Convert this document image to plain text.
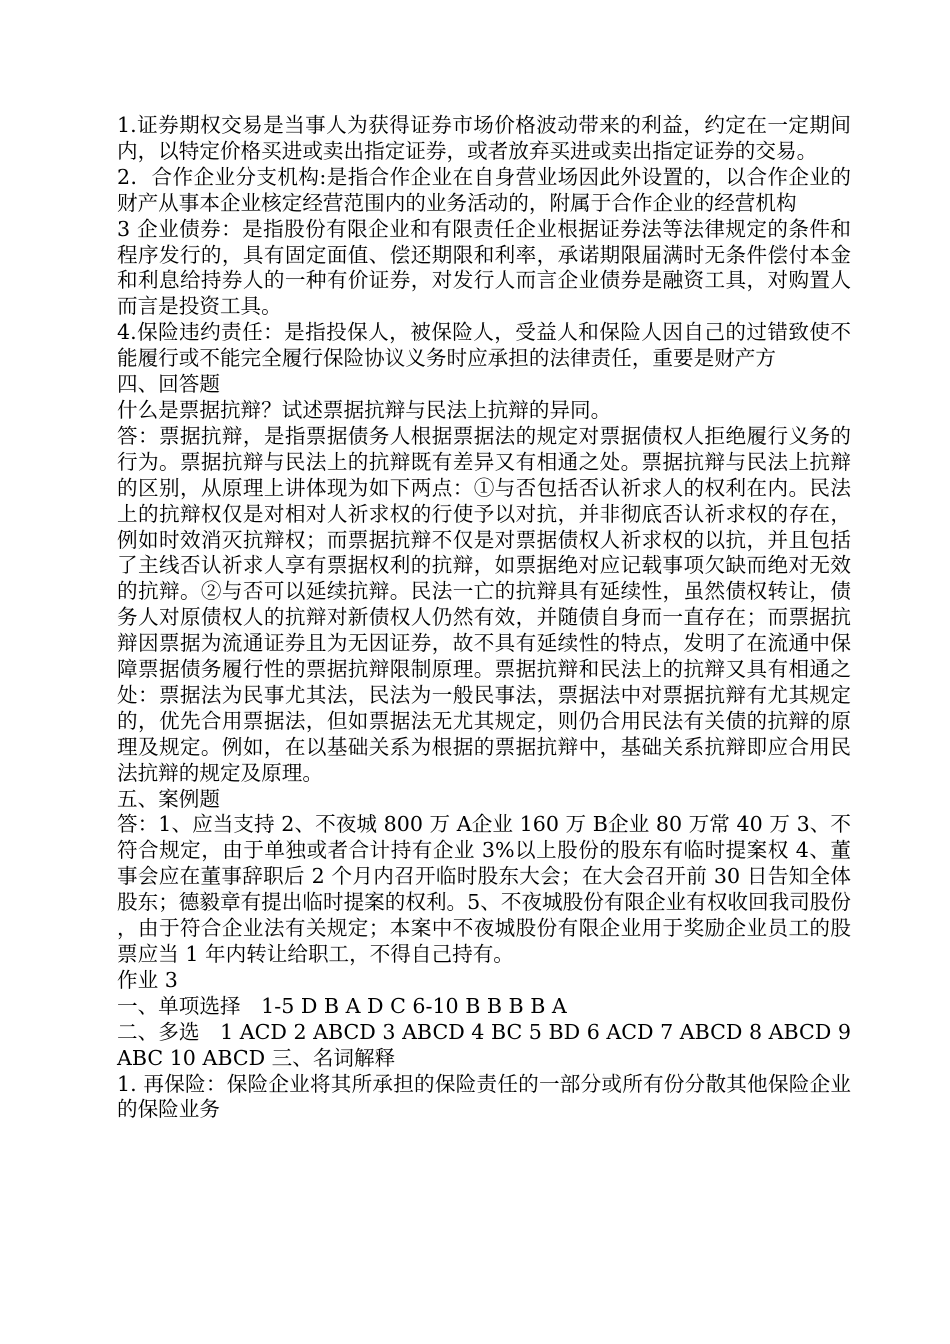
1.证券期权交易是当事人为获得证券市场价格波动带来的利益，约定在一定期间内，以特定价格买进或卖出指定证券，或者放弃买进或卖出指定证券的交易。

2．合作企业分支机构:是指合作企业在自身营业场因此外设置的，以合作企业的财产从事本企业核定经营范围内的业务活动的，附属于合作企业的经营机构

3 企业债券：是指股份有限企业和有限责任企业根据证券法等法律规定的条件和程序发行的，具有固定面值、偿还期限和利率，承诺期限届满时无条件偿付本金和利息给持券人的一种有价证券，对发行人而言企业债券是融资工具，对购置人而言是投资工具。

4.保险违约责任：是指投保人，被保险人，受益人和保险人因自己的过错致使不能履行或不能完全履行保险协议义务时应承担的法律责任，重要是财产方

四、回答题

什么是票据抗辩？试述票据抗辩与民法上抗辩的异同。

答：票据抗辩，是指票据债务人根据票据法的规定对票据债权人拒绝履行义务的行为。票据抗辩与民法上的抗辩既有差异又有相通之处。票据抗辩与民法上抗辩的区别，从原理上讲体现为如下两点：①与否包括否认祈求人的权利在内。民法上的抗辩权仅是对相对人祈求权的行使予以对抗，并非彻底否认祈求权的存在，例如时效消灭抗辩权；而票据抗辩不仅是对票据债权人祈求权的以抗，并且包括了主线否认祈求人享有票据权利的抗辩，如票据绝对应记载事项欠缺而绝对无效的抗辩。②与否可以延续抗辩。民法一亡的抗辩具有延续性，虽然债权转让，债务人对原债权人的抗辩对新债权人仍然有效，并随债自身而一直存在；而票据抗辩因票据为流通证券且为无因证券，故不具有延续性的特点，发明了在流通中保障票据债务履行性的票据抗辩限制原理。票据抗辩和民法上的抗辩又具有相通之处：票据法为民事尤其法，民法为一般民事法，票据法中对票据抗辩有尤其规定的，优先合用票据法，但如票据法无尤其规定，则仍合用民法有关债的抗辩的原理及规定。例如，在以基础关系为根据的票据抗辩中，基础关系抗辩即应合用民法抗辩的规定及原理。

五、案例题

答：1、应当支持 2、不夜城 800 万 A企业 160 万 B企业 80 万常 40 万 3、不符合规定，由于单独或者合计持有企业 3%以上股份的股东有临时提案权 4、董事会应在董事辞职后 2 个月内召开临时股东大会；在大会召开前 30 日告知全体股东；德毅章有提出临时提案的权利。5、不夜城股份有限企业有权收回我司股份，由于符合企业法有关规定；本案中不夜城股份有限企业用于奖励企业员工的股票应当 1 年内转让给职工，不得自己持有。

作业 3

一、单项选择　1-5 D B A D C 6-10 B B B B A

二、多选　1 ACD 2 ABCD 3 ABCD 4 BC 5 BD 6 ACD 7 ABCD 8 ABCD 9 ABC 10 ABCD 三、名词解释

1. 再保险：保险企业将其所承担的保险责任的一部分或所有份分散其他保险企业的保险业务
